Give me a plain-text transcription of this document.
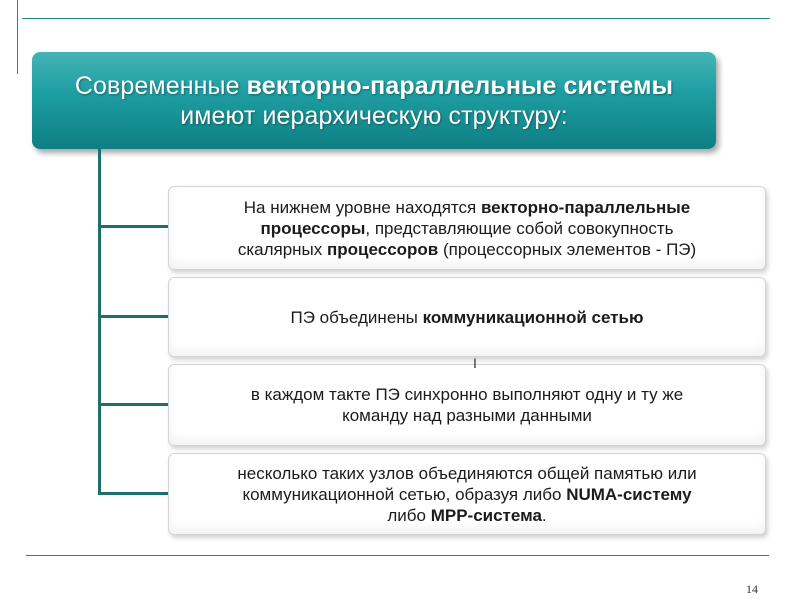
Современные векторно-параллельные системы
имеют иерархическую структуру:
На нижнем уровне находятся векторно-параллельные
процессоры, представляющие собой совокупность
скалярных процессоров (процессорных элементов - ПЭ)
ПЭ объединены коммуникационной сетью
в каждом такте ПЭ синхронно выполняют одну и ту же
команду над разными данными
несколько таких узлов объединяются общей памятью или
коммуникационной сетью, образуя либо NUMA-систему
либо MPP-система.
I
14
